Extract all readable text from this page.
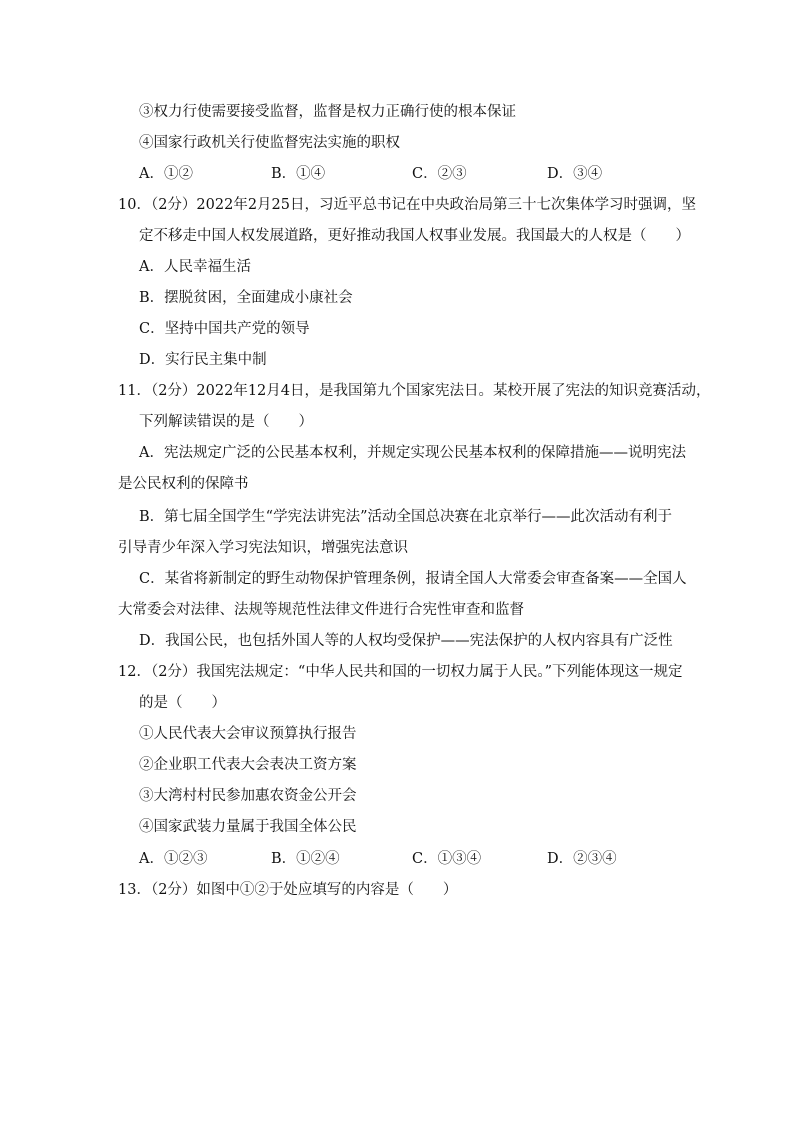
③权力行使需要接受监督，监督是权力正确行使的根本保证
④国家行政机关行使监督宪法实施的职权
A．①②	B．①④	C．②③	D．③④
10．（2分）2022年2月25日，习近平总书记在中央政治局第三十七次集体学习时强调，坚
定不移走中国人权发展道路，更好推动我国人权事业发展。我国最大的人权是（　　）
A．人民幸福生活
B．摆脱贫困，全面建成小康社会
C．坚持中国共产党的领导
D．实行民主集中制
11．（2分）2022年12月4日，是我国第九个国家宪法日。某校开展了宪法的知识竞赛活动，
下列解读错误的是（　　）
A．宪法规定广泛的公民基本权利，并规定实现公民基本权利的保障措施——说明宪法
是公民权利的保障书
B．第七届全国学生“学宪法讲宪法”活动全国总决赛在北京举行——此次活动有利于
引导青少年深入学习宪法知识，增强宪法意识
C．某省将新制定的野生动物保护管理条例，报请全国人大常委会审查备案——全国人
大常委会对法律、法规等规范性法律文件进行合宪性审查和监督
D．我国公民，也包括外国人等的人权均受保护——宪法保护的人权内容具有广泛性
12．（2分）我国宪法规定：“中华人民共和国的一切权力属于人民。”下列能体现这一规定
的是（　　）
①人民代表大会审议预算执行报告
②企业职工代表大会表决工资方案
③大湾村村民参加惠农资金公开会
④国家武装力量属于我国全体公民
A．①②③	B．①②④	C．①③④	D．②③④
13．（2分）如图中①②于处应填写的内容是（　　）
